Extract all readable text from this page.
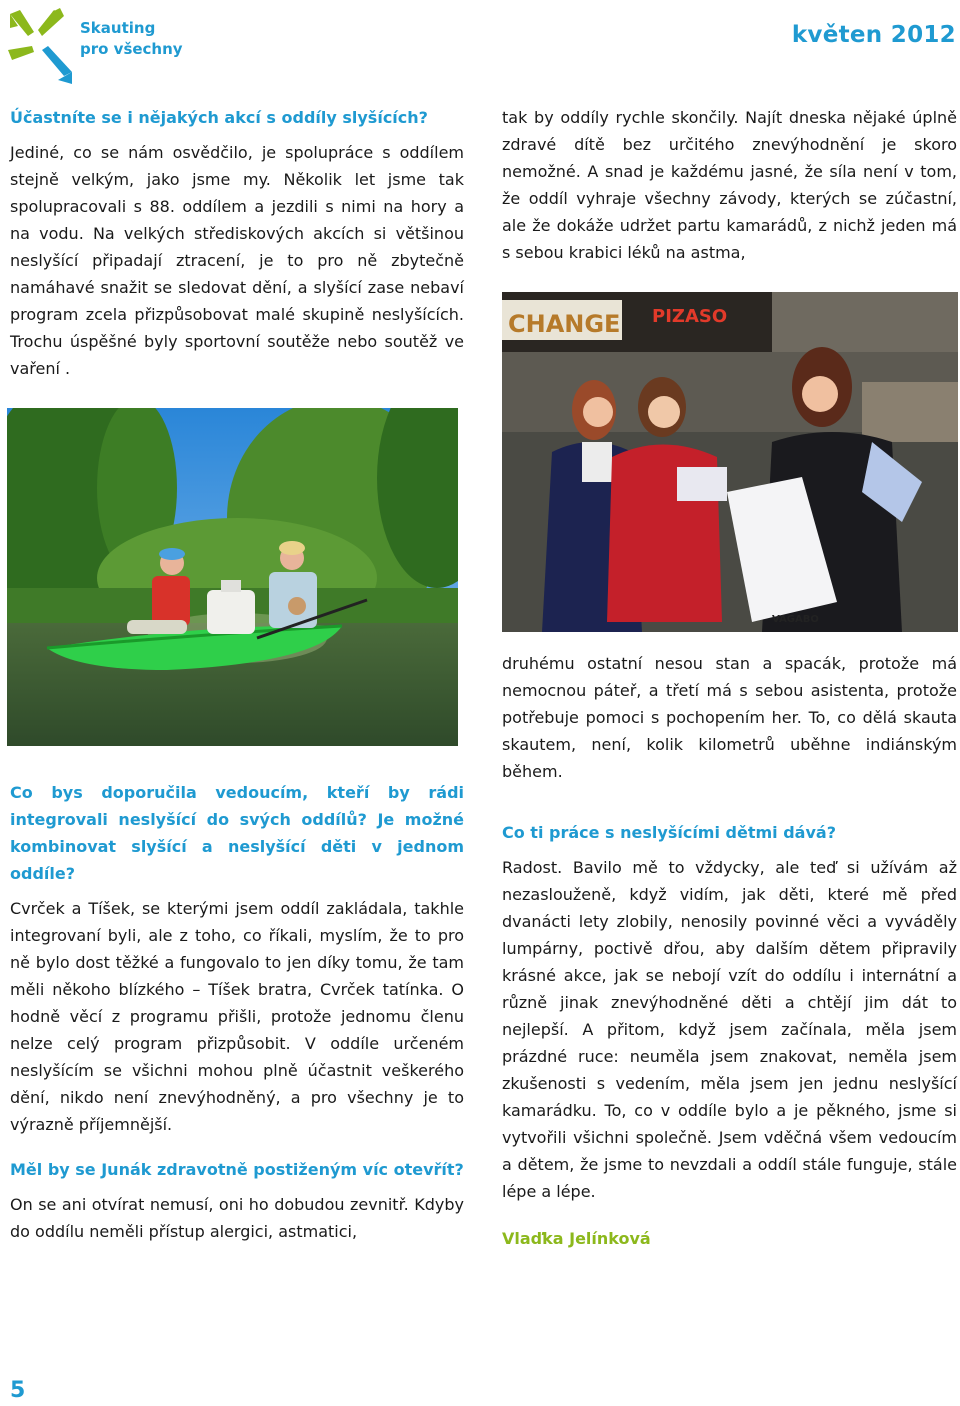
Skauting
pro všechny
květen 2012

Účastníte se i nějakých akcí s oddíly slyšících?

Jediné, co se nám osvědčilo, je spolupráce s oddílem stejně velkým, jako jsme my. Několik let jsme tak spolupracovali s 88. oddílem a jezdili s nimi na hory a na vodu. Na velkých střediskových akcích si většinou neslyšící připadají ztracení, je to pro ně zbytečně namáhavé snažit se sledovat dění, a slyšící zase nebaví program zcela přizpůsobovat malé skupině neslyšících. Trochu úspěšné byly sportovní soutěže nebo soutěž ve vaření .

Co bys doporučila vedoucím, kteří by rádi integrovali neslyšící do svých oddílů? Je možné kombinovat slyšící a neslyšící děti v jednom oddíle?

Cvrček a Tíšek, se kterými jsem oddíl zakládala, takhle integrovaní byli, ale z toho, co říkali, myslím, že to pro ně bylo dost těžké a fungovalo to jen díky tomu, že tam měli někoho blízkého – Tíšek bratra, Cvrček tatínka. O hodně věcí z programu přišli, protože jednomu členu nelze celý program přizpůsobit. V oddíle určeném neslyšícím se všichni mohou plně účastnit veškerého dění, nikdo není znevýhodněný, a pro všechny je to výrazně příjemnější.

Měl by se Junák zdravotně postiženým víc otevřít?

On se ani otvírat nemusí, oni ho dobudou zevnitř. Kdyby do oddílu neměli přístup alergici, astmatici,

tak by oddíly rychle skončily. Najít dneska nějaké úplně zdravé dítě bez určitého znevýhodnění je skoro nemožné. A snad je každému jasné, že síla není v tom, že oddíl vyhraje všechny závody, kterých se zúčastní, ale že dokáže udržet partu kamarádů, z nichž jeden má s sebou krabici léků na astma,

CHANGE PIZASO
VAGABO

druhému ostatní nesou stan a spacák, protože má nemocnou páteř, a třetí má s sebou asistenta, protože potřebuje pomoci s pochopením her. To, co dělá skauta skautem, není, kolik kilometrů uběhne indiánským během.

Co ti práce s neslyšícími dětmi dává?

Radost. Bavilo mě to vždycky, ale teď si užívám až nezaslouženě, když vidím, jak děti, které mě před dvanácti lety zlobily, nenosily povinné věci a vyváděly lumpárny, poctivě dřou, aby dalším dětem připravily krásné akce, jak se nebojí vzít do oddílu i internátní a různě jinak znevýhodněné děti a chtějí jim dát to nejlepší. A přitom, když jsem začínala, měla jsem prázdné ruce: neuměla jsem znakovat, neměla jsem zkušenosti s vedením, měla jsem jen jednu neslyšící kamarádku. To, co v oddíle bylo a je pěkného, jsme si vytvořili všichni společně. Jsem vděčná všem vedoucím a dětem, že jsme to nevzdali a oddíl stále funguje, stále lépe a lépe.

Vlaďka Jelínková

5
